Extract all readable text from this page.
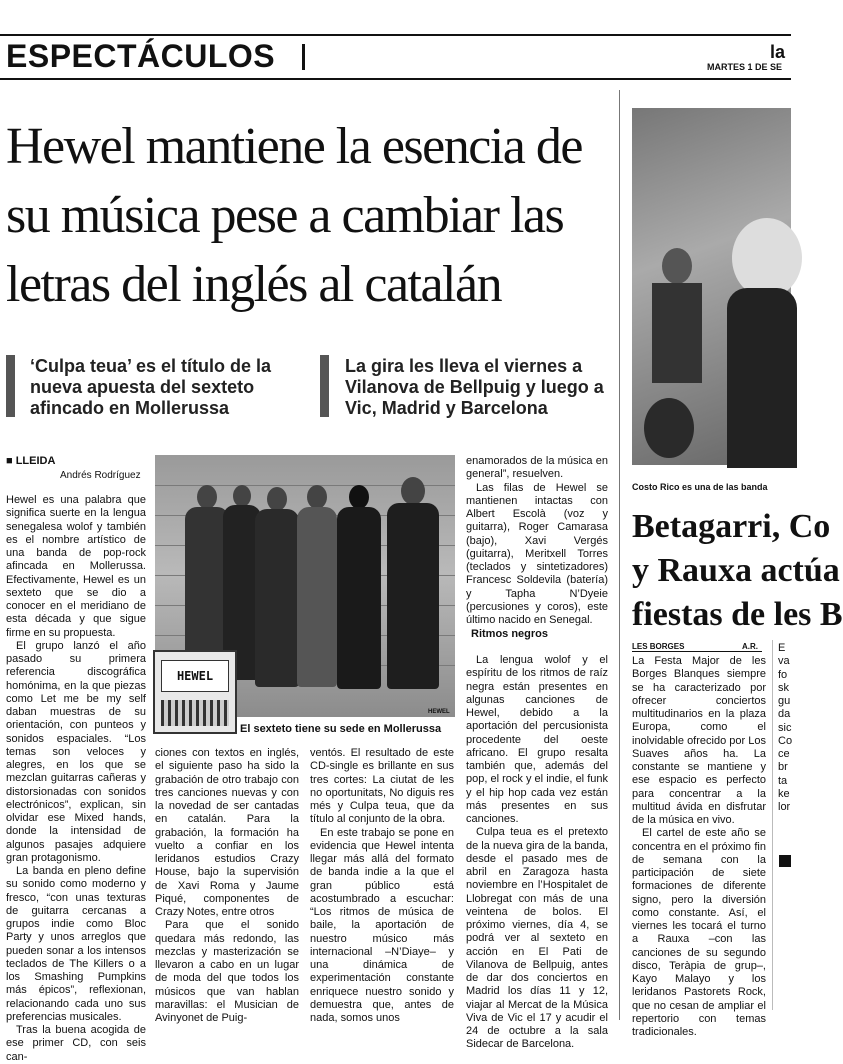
ESPECTÁCULOS	la
MARTES 1 DE SE
Hewel mantiene la esencia de su música pese a cambiar las letras del inglés al catalán
‘Culpa teua’ es el título de la nueva apuesta del sexteto afincado en Mollerussa
La gira les lleva el viernes a Vilanova de Bellpuig y luego a Vic, Madrid y Barcelona
■ LLEIDA
Andrés Rodríguez

Hewel es una palabra que significa suerte en la lengua senegalesa wolof y también es el nombre artístico de una banda de pop-rock afincada en Mollerussa. Efectivamente, Hewel es un sexteto que se dio a conocer en el meridiano de esta década y que sigue firme en su propuesta.

El grupo lanzó el año pasado su primera referencia discográfica homónima, en la que piezas como Let me be my self daban muestras de su orientación, con punteos y sonidos espaciales. “Los temas son veloces y alegres, en los que se mezclan guitarras cañeras y distorsionadas con sonidos electrónicos”, explican, sin olvidar ese Mixed hands, donde la intensidad de algunos pasajes adquiere gran protagonismo.

La banda en pleno define su sonido como moderno y fresco, “con unas texturas de guitarra cercanas a grupos indie como Bloc Party y unos arreglos que pueden sonar a los intensos teclados de The Killers o a los Smashing Pumpkins más épicos”, reflexionan, relacionando cada uno sus preferencias musicales.

Tras la buena acogida de ese primer CD, con seis can-

HEWEL
HEWEL
El sexteto tiene su sede en Mollerussa

ciones con textos en inglés, el siguiente paso ha sido la grabación de otro trabajo con tres canciones nuevas y con la novedad de ser cantadas en catalán. Para la grabación, la formación ha vuelto a confiar en los leridanos estudios Crazy House, bajo la supervisión de Xavi Roma y Jaume Piqué, componentes de Crazy Notes, entre otros

Para que el sonido quedara más redondo, las mezclas y masterización se llevaron a cabo en un lugar de moda del que todos los músicos que van hablan maravillas: el Musician de Avinyonet de Puig-

ventós. El resultado de este CD-single es brillante en sus tres cortes: La ciutat de les no oportunitats, No diguis res més y Culpa teua, que da título al conjunto de la obra.

En este trabajo se pone en evidencia que Hewel intenta llegar más allá del formato de banda indie a la que el gran público está acostumbrado a escuchar: “Los ritmos de música de baile, la aportación de nuestro músico más internacional –N’Diaye– y una dinámica de experimentación constante enriquece nuestro sonido y demuestra que, antes de nada, somos unos

enamorados de la música en general”, resuelven.

Las filas de Hewel se mantienen intactas con Albert Escolà (voz y guitarra), Roger Camarasa (bajo), Xavi Vergés (guitarra), Meritxell Torres (teclados y sintetizadores) Francesc Soldevila (batería) y Tapha N’Dyeie (percusiones y coros), este último nacido en Senegal.

Ritmos negros

La lengua wolof y el espíritu de los ritmos de raíz negra están presentes en algunas canciones de Hewel, debido a la aportación del percusionista procedente del oeste africano. El grupo resalta también que, además del pop, el rock y el indie, el funk y el hip hop cada vez están más presentes en sus canciones.

Culpa teua es el pretexto de la nueva gira de la banda, desde el pasado mes de abril en Zaragoza hasta noviembre en l’Hospitalet de Llobregat con más de una veintena de bolos. El próximo viernes, día 4, se podrá ver al sexteto en acción en El Pati de Vilanova de Bellpuig, antes de dar dos conciertos en Madrid los días 11 y 12, viajar al Mercat de la Música Viva de Vic el 17 y acudir el 24 de octubre a la sala Sidecar de Barcelona.

Costo Rico es una de las banda
Betagarri, Co
y Rauxa actúa
fiestas de les B
LES BORGES	A.R.

La Festa Major de les Borges Blanques siempre se ha caracterizado por ofrecer conciertos multitudinarios en la plaza Europa, como el inolvidable ofrecido por Los Suaves años ha. La constante se mantiene y ese espacio es perfecto para concentrar a la multitud ávida en disfrutar de la música en vivo.

El cartel de este año se concentra en el próximo fin de semana con la participación de siete formaciones de diferente signo, pero la diversión como constante. Así, el viernes les tocará el turno a Rauxa –con las canciones de su segundo disco, Teràpia de grup–, Kayo Malayo y los leridanos Pastorets Rock, que no cesan de ampliar el repertorio con temas tradicionales.

E
va
fo
sk
gu
da
sic
Co
ce
br
ta
ke
lor
